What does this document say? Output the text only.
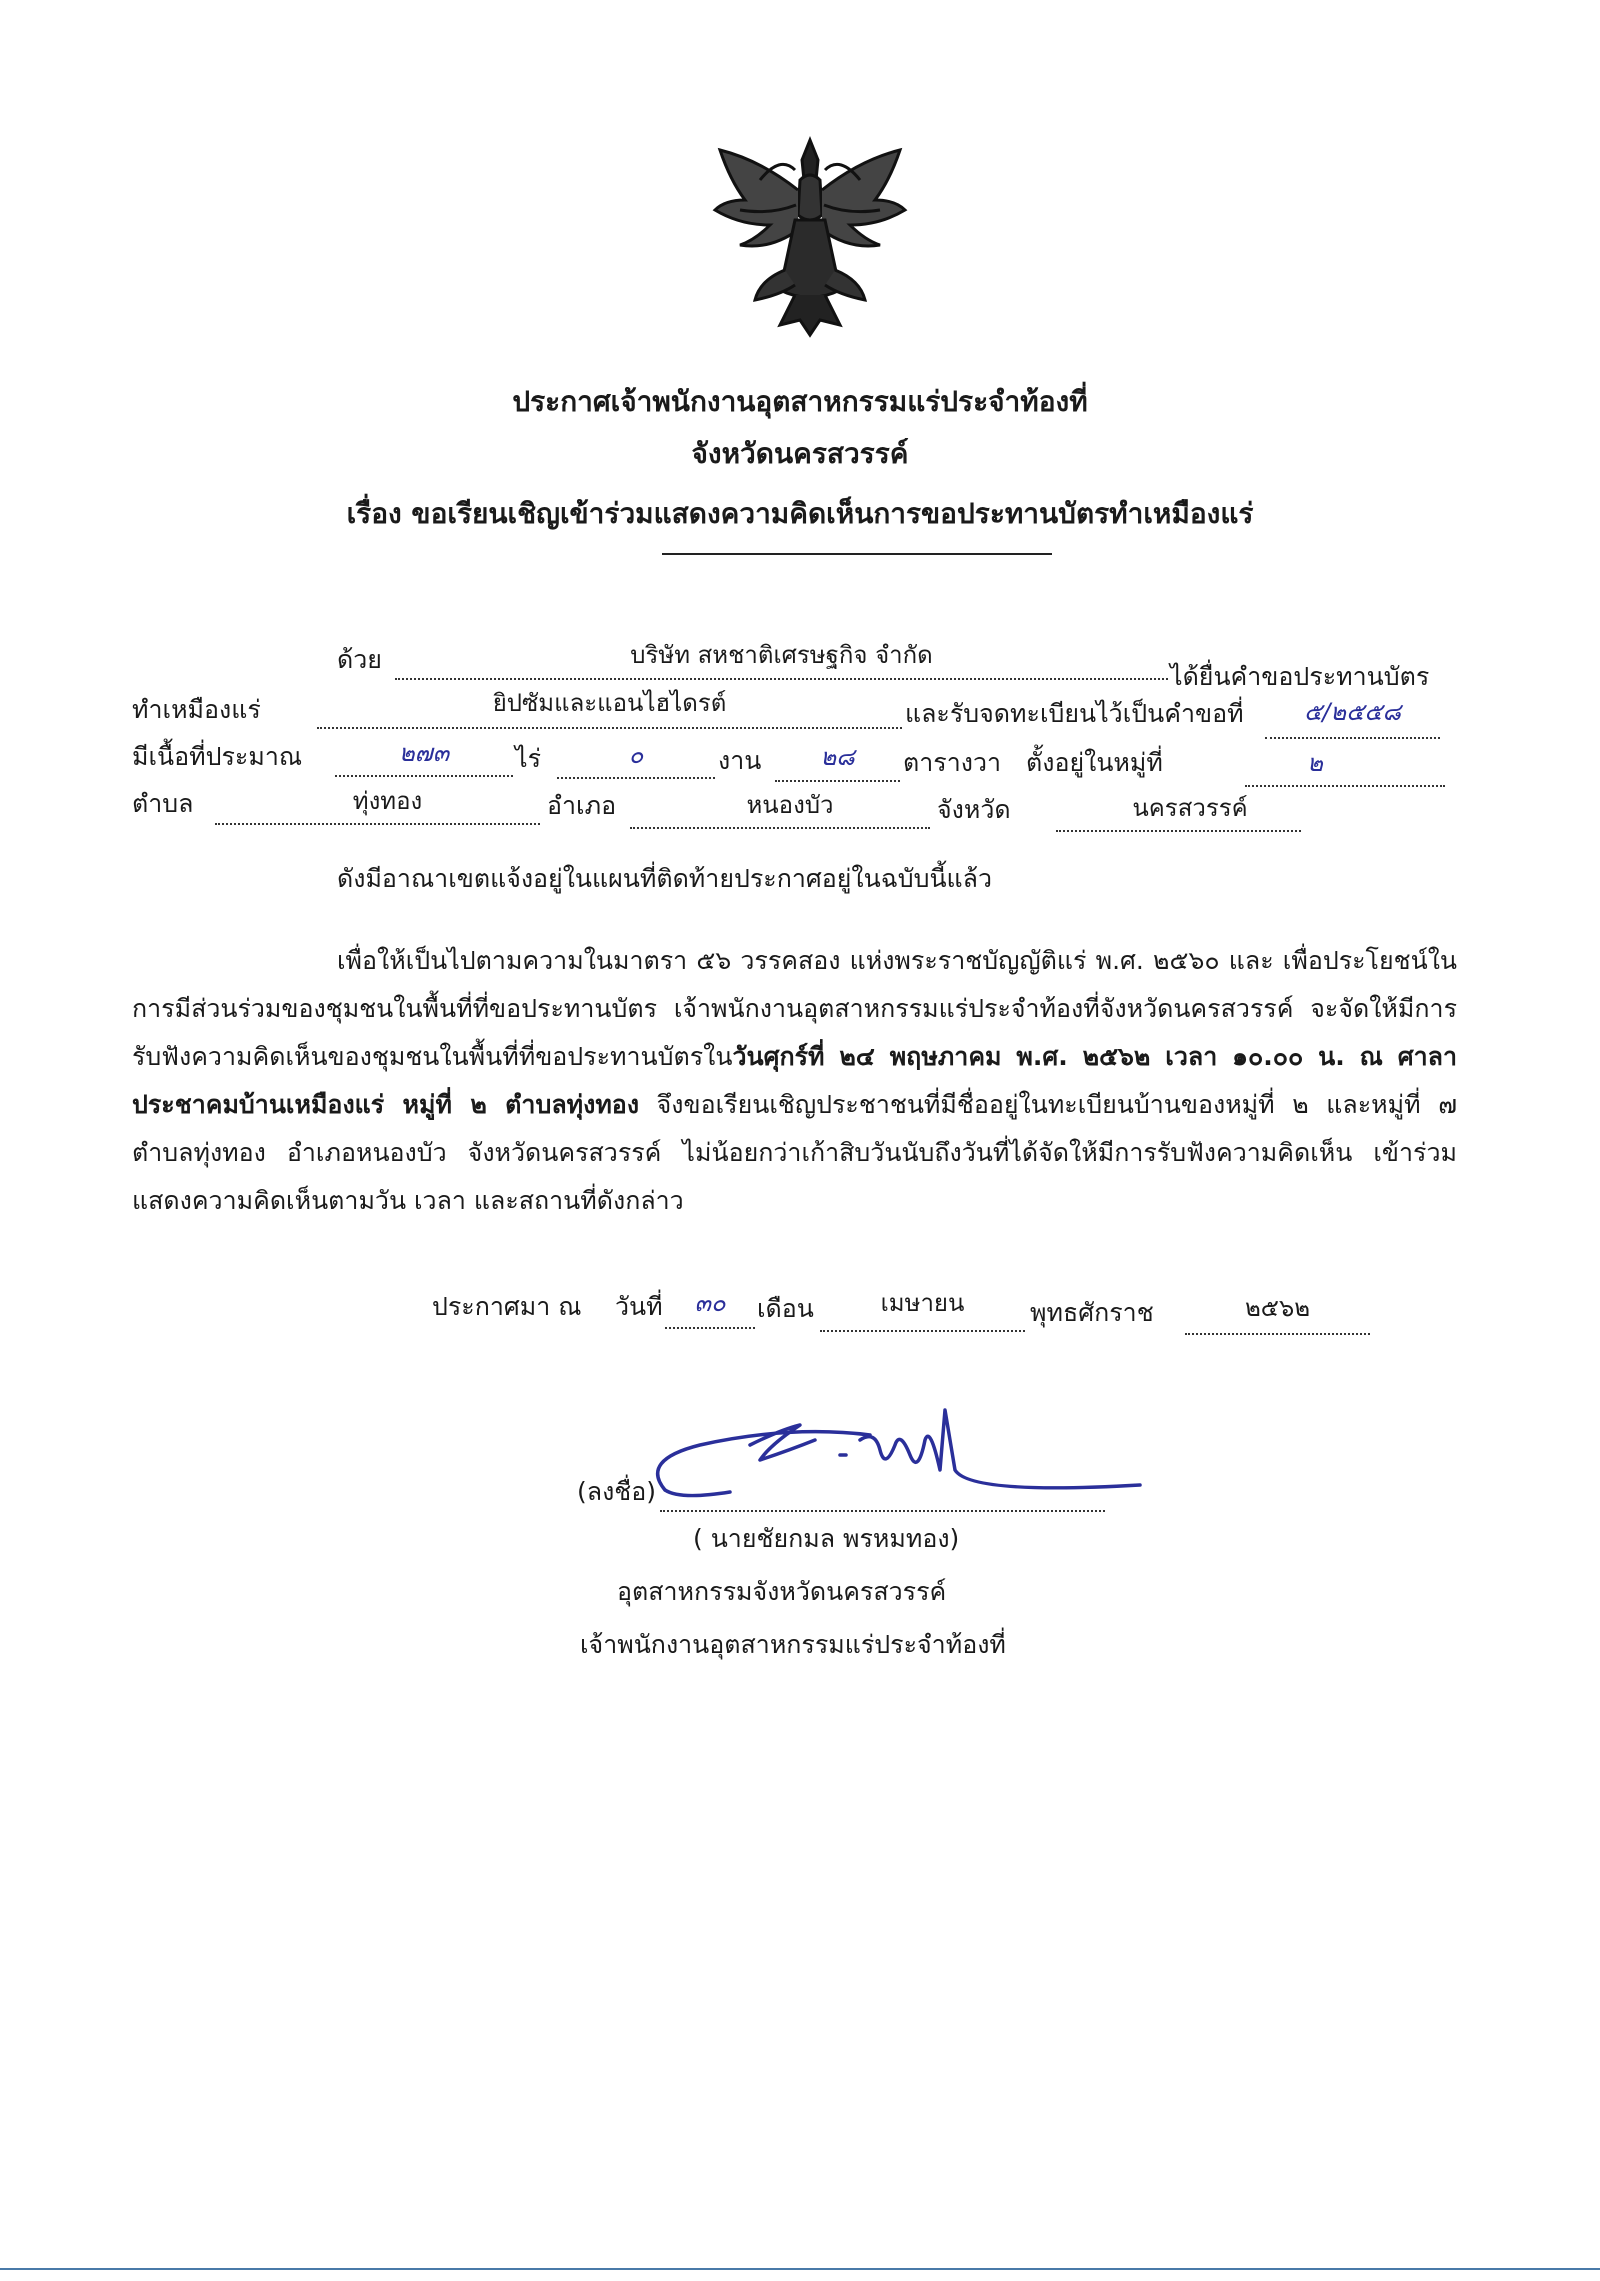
ประกาศเจ้าพนักงานอุตสาหกรรมแร่ประจำท้องที่
จังหวัดนครสวรรค์
เรื่อง ขอเรียนเชิญเข้าร่วมแสดงความคิดเห็นการขอประทานบัตรทำเหมืองแร่
ด้วย	บริษัท สหชาติเศรษฐกิจ จำกัด
ได้ยื่นคำขอประทานบัตร
ทำเหมืองแร่	ยิปซัมและแอนไฮไดรต์	และรับจดทะเบียนไว้เป็นคำขอที่	๕/๒๕๕๘
มีเนื้อที่ประมาณ	๒๗๓	ไร่	๐	งาน	๒๘	ตารางวา ตั้งอยู่ในหมู่ที่	๒
ตำบล	ทุ่งทอง	อำเภอ	หนองบัว	จังหวัด	นครสวรรค์
ดังมีอาณาเขตแจ้งอยู่ในแผนที่ติดท้ายประกาศอยู่ในฉบับนี้แล้ว

เพื่อให้เป็นไปตามความในมาตรา ๕๖ วรรคสอง แห่งพระราชบัญญัติแร่ พ.ศ. ๒๕๖๐ และ เพื่อประโยชน์ในการมีส่วนร่วมของชุมชนในพื้นที่ที่ขอประทานบัตร เจ้าพนักงานอุตสาหกรรมแร่ประจำท้องที่จังหวัดนครสวรรค์ จะจัดให้มีการรับฟังความคิดเห็นของชุมชนในพื้นที่ที่ขอประทานบัตรในวันศุกร์ที่ ๒๔ พฤษภาคม พ.ศ. ๒๕๖๒ เวลา ๑๐.๐๐ น. ณ ศาลาประชาคมบ้านเหมืองแร่ หมู่ที่ ๒ ตำบลทุ่งทอง จึงขอเรียนเชิญประชาชนที่มีชื่ออยู่ในทะเบียนบ้านของหมู่ที่ ๒ และหมู่ที่ ๗ ตำบลทุ่งทอง อำเภอหนองบัว จังหวัดนครสวรรค์ ไม่น้อยกว่าเก้าสิบวันนับถึงวันที่ได้จัดให้มีการรับฟังความคิดเห็น เข้าร่วมแสดงความคิดเห็นตามวัน เวลา และสถานที่ดังกล่าว

ประกาศมา ณ วันที่	๓๐	เดือน	เมษายน	พุทธศักราช	๒๕๖๒
(ลงชื่อ)
( นายชัยกมล พรหมทอง)
อุตสาหกรรมจังหวัดนครสวรรค์
เจ้าพนักงานอุตสาหกรรมแร่ประจำท้องที่
